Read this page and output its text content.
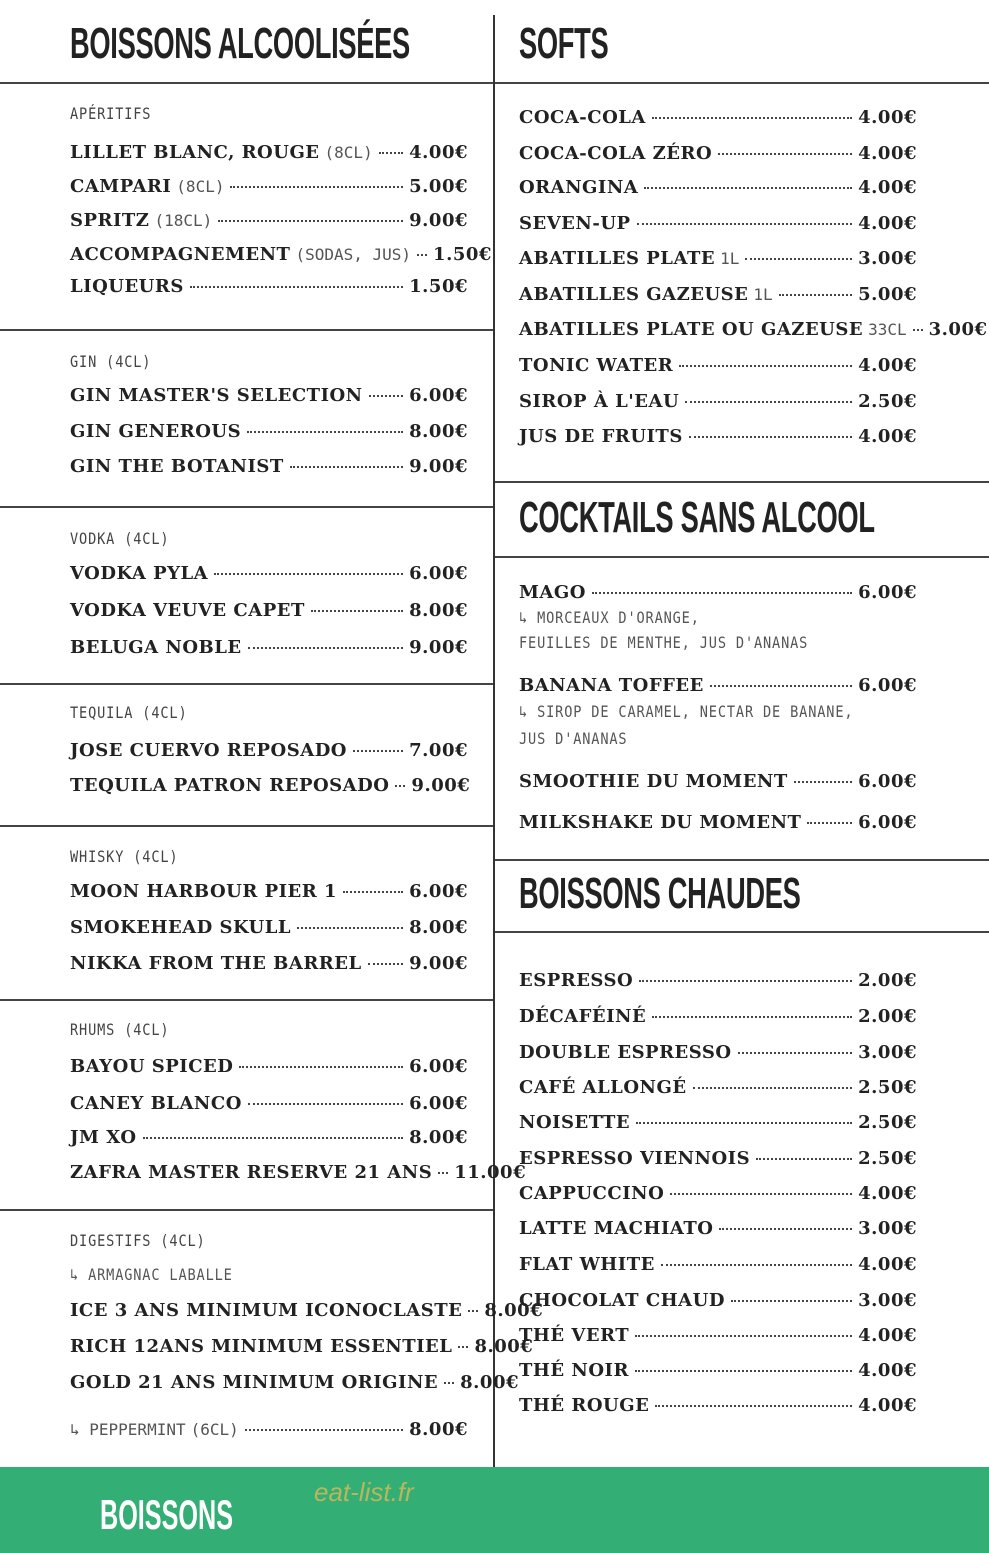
BOISSONS ALCOOLISÉES
APÉRITIFS
LILLET BLANC, ROUGE (8CL) 4.00€
CAMPARI (8CL)	5.00€
SPRITZ (18CL)	9.00€
ACCOMPAGNEMENT (SODAS, JUS) 1.50€
LIQUEURS	1.50€
GIN (4CL)
GIN MASTER'S SELECTION	6.00€
GIN GENEROUS	8.00€
GIN THE BOTANIST	9.00€
VODKA (4CL)
VODKA PYLA	6.00€
VODKA VEUVE CAPET	8.00€
BELUGA NOBLE	9.00€
TEQUILA (4CL)
JOSE CUERVO REPOSADO	7.00€
TEQUILA PATRON REPOSADO 9.00€
WHISKY (4CL)
MOON HARBOUR PIER 1	6.00€
SMOKEHEAD SKULL	8.00€
NIKKA FROM THE BARREL	9.00€
RHUMS (4CL)
BAYOU SPICED	6.00€
CANEY BLANCO	6.00€
JM XO	8.00€
ZAFRA MASTER RESERVE 21 ANS 11.00€
DIGESTIFS (4CL)
↳ ARMAGNAC LABALLE
ICE 3 ANS MINIMUM ICONOCLASTE 8.00€
RICH 12ANS MINIMUM ESSENTIEL 8.00€
GOLD 21 ANS MINIMUM ORIGINE 8.00€
↳ PEPPERMINT (6CL)	8.00€
SOFTS
COCA-COLA	4.00€
COCA-COLA ZÉRO	4.00€
ORANGINA	4.00€
SEVEN-UP	4.00€
ABATILLES PLATE 1L	3.00€
ABATILLES GAZEUSE 1L	5.00€
ABATILLES PLATE OU GAZEUSE 33CL 3.00€
TONIC WATER	4.00€
SIROP À L'EAU	2.50€
JUS DE FRUITS	4.00€
COCKTAILS SANS ALCOOL
MAGO	6.00€
↳ MORCEAUX D'ORANGE,
FEUILLES DE MENTHE, JUS D'ANANAS
BANANA TOFFEE	6.00€
↳ SIROP DE CARAMEL, NECTAR DE BANANE,
JUS D'ANANAS
SMOOTHIE DU MOMENT	6.00€
MILKSHAKE DU MOMENT	6.00€
BOISSONS CHAUDES
ESPRESSO	2.00€
DÉCAFÉINÉ	2.00€
DOUBLE ESPRESSO	3.00€
CAFÉ ALLONGÉ	2.50€
NOISETTE	2.50€
ESPRESSO VIENNOIS	2.50€
CAPPUCCINO	4.00€
LATTE MACHIATO	3.00€
FLAT WHITE	4.00€
CHOCOLAT CHAUD	3.00€
THÉ VERT	4.00€
THÉ NOIR	4.00€
THÉ ROUGE	4.00€
BOISSONS	eat-list.fr
